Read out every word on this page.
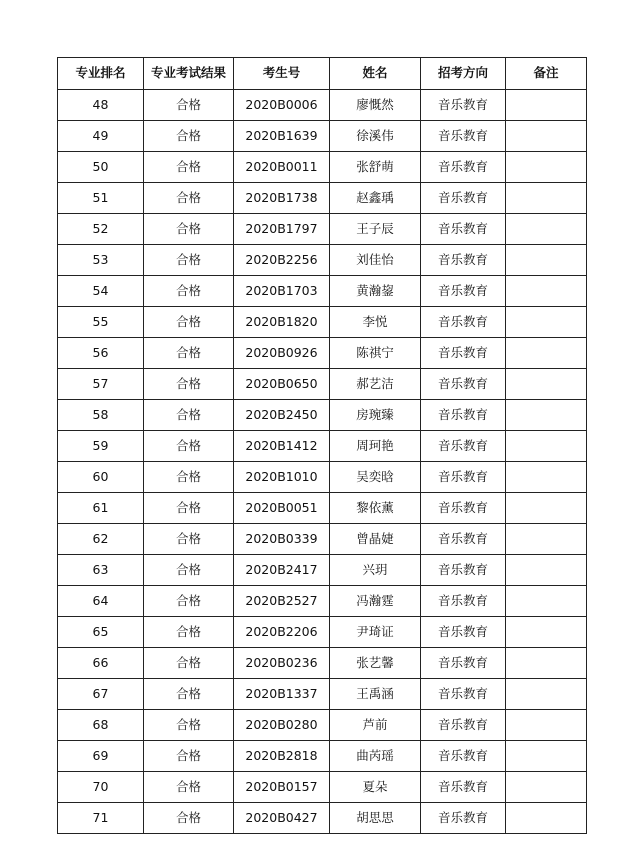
专业排名	专业考试结果	考生号	姓名	招考方向	备注
48	合格	2020B0006	廖慨然	音乐教育	
49	合格	2020B1639	徐溪伟	音乐教育	
50	合格	2020B0011	张舒萌	音乐教育	
51	合格	2020B1738	赵鑫瑀	音乐教育	
52	合格	2020B1797	王子辰	音乐教育	
53	合格	2020B2256	刘佳怡	音乐教育	
54	合格	2020B1703	黄瀚鋆	音乐教育	
55	合格	2020B1820	李悦	音乐教育	
56	合格	2020B0926	陈祺宁	音乐教育	
57	合格	2020B0650	郝艺洁	音乐教育	
58	合格	2020B2450	房琬臻	音乐教育	
59	合格	2020B1412	周珂艳	音乐教育	
60	合格	2020B1010	吴奕晗	音乐教育	
61	合格	2020B0051	黎依薰	音乐教育	
62	合格	2020B0339	曾晶婕	音乐教育	
63	合格	2020B2417	兴玥	音乐教育	
64	合格	2020B2527	冯瀚霆	音乐教育	
65	合格	2020B2206	尹琦证	音乐教育	
66	合格	2020B0236	张艺馨	音乐教育	
67	合格	2020B1337	王禹涵	音乐教育	
68	合格	2020B0280	芦前	音乐教育	
69	合格	2020B2818	曲芮瑶	音乐教育	
70	合格	2020B0157	夏朵	音乐教育	
71	合格	2020B0427	胡思思	音乐教育	
